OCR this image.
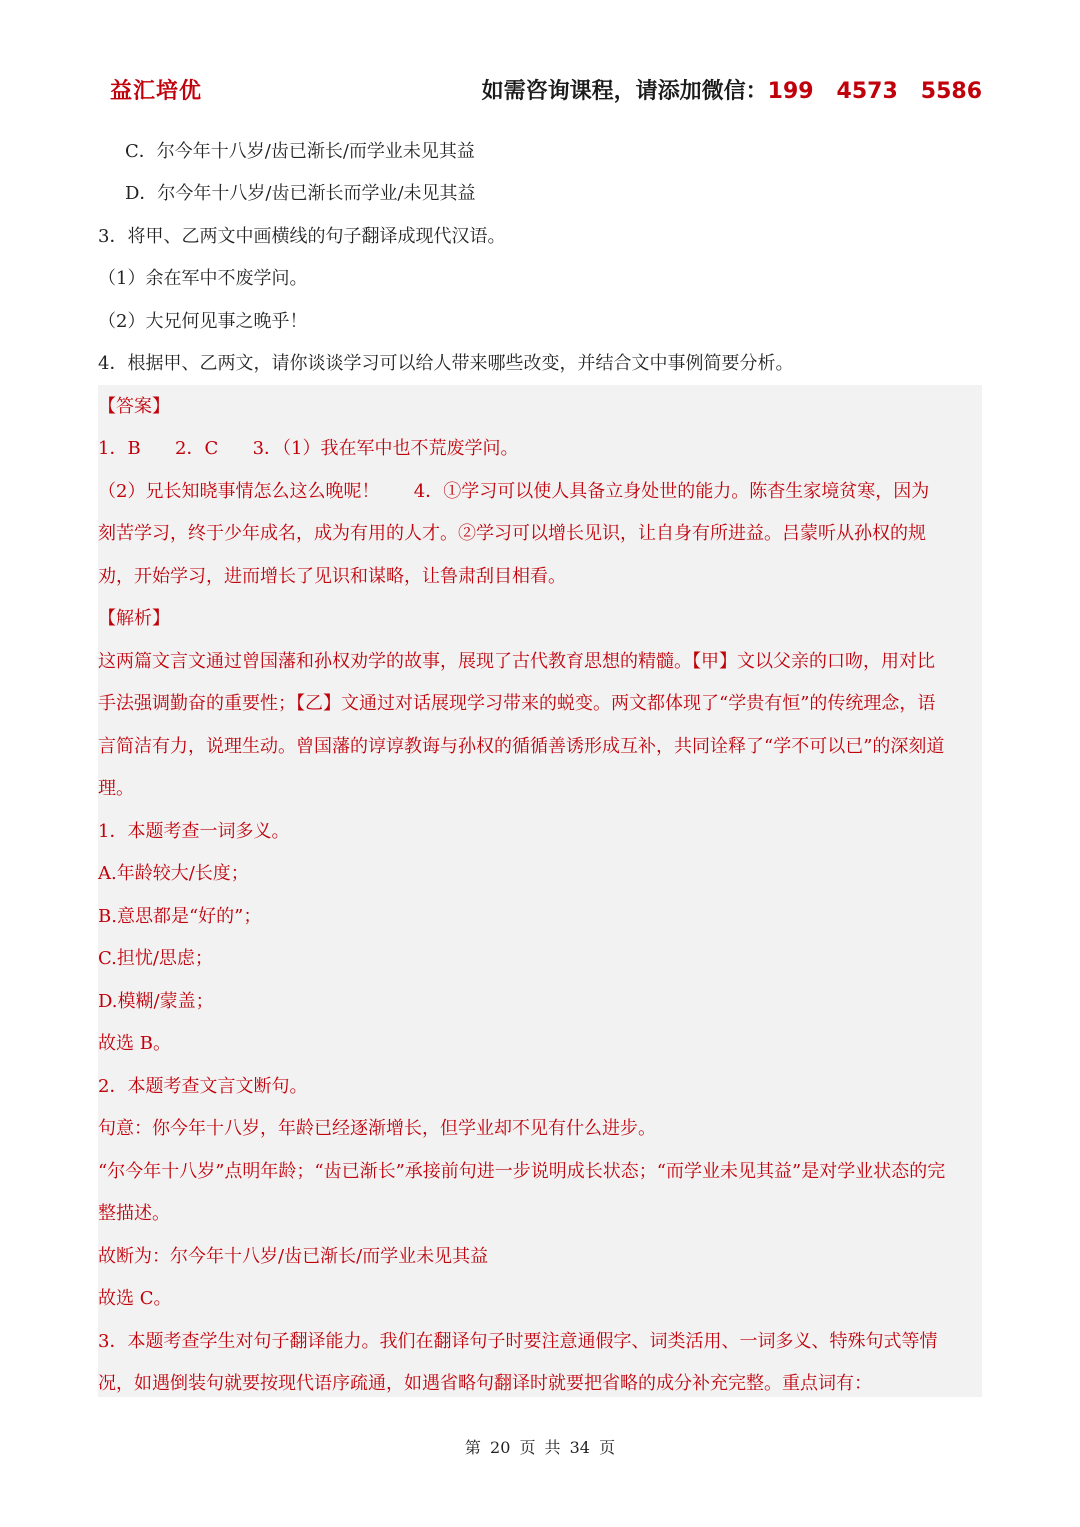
益汇培优	如需咨询课程，请添加微信：199   4573   5586
C．尔今年十八岁/齿已渐长/而学业未见其益
D．尔今年十八岁/齿已渐长而学业/未见其益
3．将甲、乙两文中画横线的句子翻译成现代汉语。
（1）余在军中不废学问。
（2）大兄何见事之晚乎！
4．根据甲、乙两文，请你谈谈学习可以给人带来哪些改变，并结合文中事例简要分析。
【答案】
1．B      2．C      3．（1）我在军中也不荒废学问。
（2）兄长知晓事情怎么这么晚呢！      4．①学习可以使人具备立身处世的能力。陈杳生家境贫寒，因为
刻苦学习，终于少年成名，成为有用的人才。②学习可以增长见识，让自身有所进益。吕蒙听从孙权的规
劝，开始学习，进而增长了见识和谋略，让鲁肃刮目相看。
【解析】
这两篇文言文通过曾国藩和孙权劝学的故事，展现了古代教育思想的精髓。【甲】文以父亲的口吻，用对比
手法强调勤奋的重要性；【乙】文通过对话展现学习带来的蜕变。两文都体现了“学贵有恒”的传统理念，语
言简洁有力，说理生动。曾国藩的谆谆教诲与孙权的循循善诱形成互补，共同诠释了“学不可以已”的深刻道
理。
1．本题考查一词多义。
A.年龄较大/长度；
B.意思都是“好的”；
C.担忧/思虑；
D.模糊/蒙盖；
故选 B。
2．本题考查文言文断句。
句意：你今年十八岁，年龄已经逐渐增长，但学业却不见有什么进步。
“尔今年十八岁”点明年龄；“齿已渐长”承接前句进一步说明成长状态；“而学业未见其益”是对学业状态的完
整描述。
故断为：尔今年十八岁/齿已渐长/而学业未见其益
故选 C。
3．本题考查学生对句子翻译能力。我们在翻译句子时要注意通假字、词类活用、一词多义、特殊句式等情
况，如遇倒装句就要按现代语序疏通，如遇省略句翻译时就要把省略的成分补充完整。重点词有：
第 20 页 共 34 页
